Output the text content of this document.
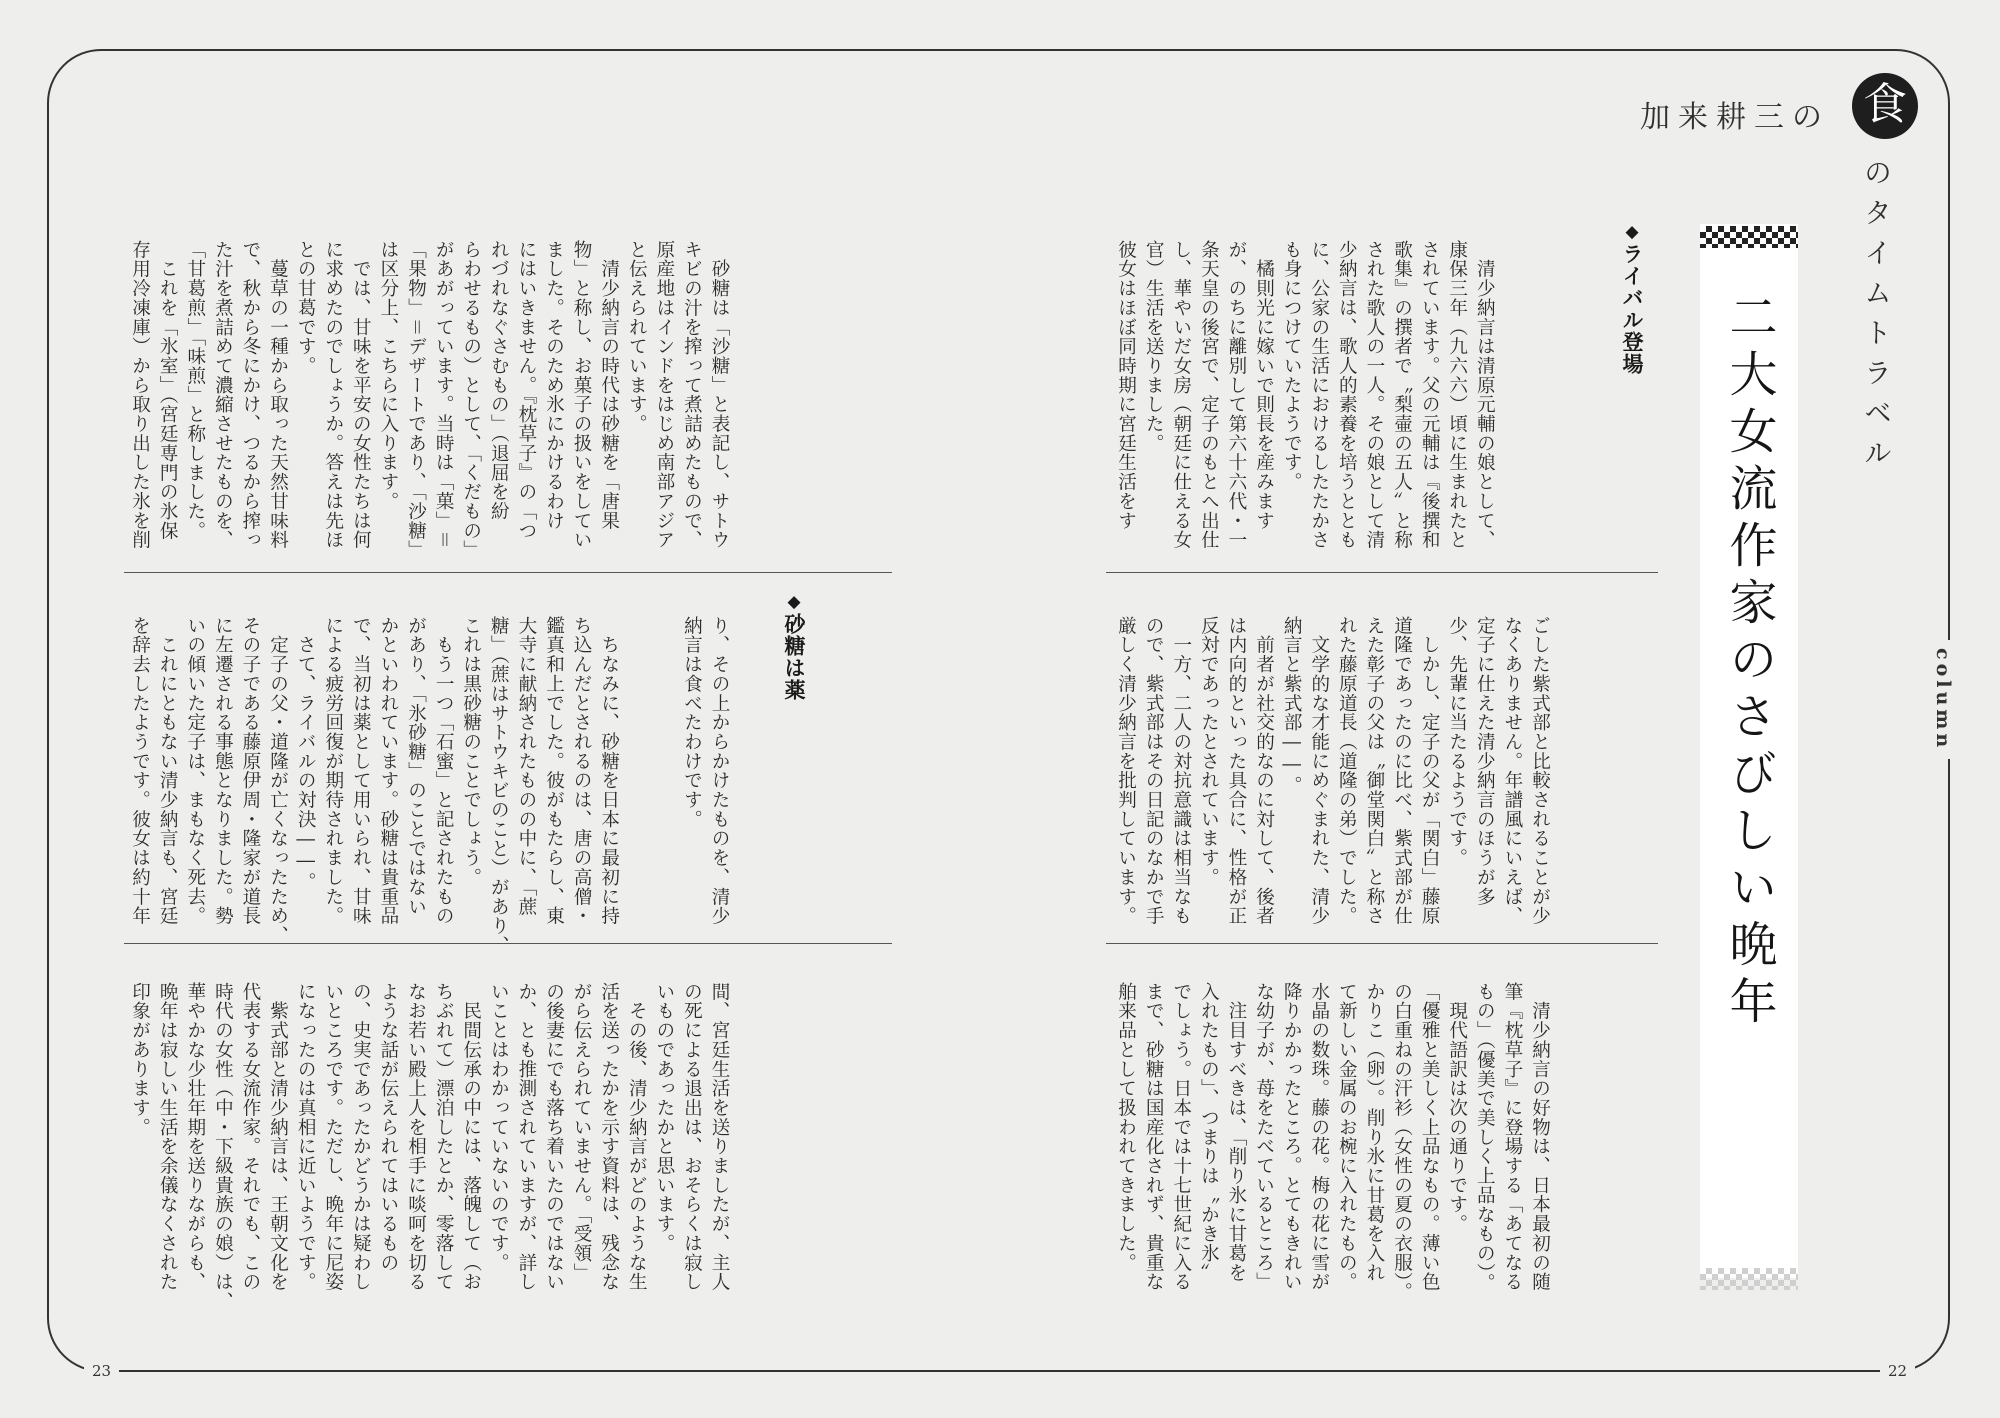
23	22
加来耕三の 食
のタイムトラベル
column
二大女流作家のさびしい晩年
◆ライバル登場
　清少納言は清原元輔の娘として、
康保三年（九六六）頃に生まれたと
されています。父の元輔は『後撰和
歌集』の撰者で〝梨壷の五人〟と称
された歌人の一人。その娘として清
少納言は、歌人的素養を培うととも
に、公家の生活におけるしたたかさ
も身につけていたようです。
　橘則光に嫁いで則長を産みます
が、のちに離別して第六十六代・一
条天皇の後宮で、定子のもとへ出仕
し、華やいだ女房（朝廷に仕える女
官）生活を送りました。
彼女はほぼ同時期に宮廷生活をす
ごした紫式部と比較されることが少
なくありません。年譜風にいえば、
定子に仕えた清少納言のほうが多
少、先輩に当たるようです。
　しかし、定子の父が「関白」藤原
道隆であったのに比べ、紫式部が仕
えた彰子の父は〝御堂関白〟と称さ
れた藤原道長（道隆の弟）でした。
　文学的な才能にめぐまれた、清少
納言と紫式部――。
　前者が社交的なのに対して、後者
は内向的といった具合に、性格が正
反対であったとされています。
　一方、二人の対抗意識は相当なも
ので、紫式部はその日記のなかで手
厳しく清少納言を批判しています。
　清少納言の好物は、日本最初の随
筆『枕草子』に登場する「あてなる
もの」（優美で美しく上品なもの）。
　現代語訳は次の通りです。
「優雅と美しく上品なもの。薄い色
の白重ねの汗衫（女性の夏の衣服）。
かりこ（卵）。削り氷に甘葛を入れ
て新しい金属のお椀に入れたもの。
水晶の数珠。藤の花。梅の花に雪が
降りかかったところ。とてもきれい
な幼子が、苺をたべているところ」
　注目すべきは、「削り氷に甘葛を
入れたもの」、つまりは〝かき氷〟
でしょう。日本では十七世紀に入る
まで、砂糖は国産化されず、貴重な
舶来品として扱われてきました。
◆砂糖は薬
　砂糖は「沙糖」と表記し、サトウ
キビの汁を搾って煮詰めたもので、
原産地はインドをはじめ南部アジア
と伝えられています。
　清少納言の時代は砂糖を「唐果
物」と称し、お菓子の扱いをしてい
ました。そのため氷にかけるわけ
にはいきません。『枕草子』の「つ
れづれなぐさむもの」（退屈を紛
らわせるもの）として、「くだもの」
があがっています。当時は「菓」＝
「果物」＝デザートであり、「沙糖」
は区分上、こちらに入ります。
　では、甘味を平安の女性たちは何
に求めたのでしょうか。答えは先ほ
との甘葛です。
　蔓草の一種から取った天然甘味料
で、秋から冬にかけ、つるから搾っ
た汁を煮詰めて濃縮させたものを、
「甘葛煎」「味煎」と称しました。
　これを「氷室」（宮廷専門の氷保
存用冷凍庫）から取り出した氷を削
り、その上からかけたものを、清少
納言は食べたわけです。

　ちなみに、砂糖を日本に最初に持
ち込んだとされるのは、唐の高僧・
鑑真和上でした。彼がもたらし、東
大寺に献納されたものの中に、「蔗
糖」（蔗はサトウキビのこと）があり、
これは黒砂糖のことでしょう。
　もう一つ「石蜜」と記されたもの
があり、「氷砂糖」のことではない
かといわれています。砂糖は貴重品
で、当初は薬として用いられ、甘味
による疲労回復が期待されました。
　さて、ライバルの対決――。
　定子の父・道隆が亡くなったため、
その子である藤原伊周・隆家が道長
に左遷される事態となりました。勢
いの傾いた定子は、まもなく死去。
　これにともない清少納言も、宮廷
を辞去したようです。彼女は約十年
間、宮廷生活を送りましたが、主人
の死による退出は、おそらくは寂し
いものであったかと思います。
　その後、清少納言がどのような生
活を送ったかを示す資料は、残念な
がら伝えられていません。「受領」
の後妻にでも落ち着いたのではない
か、とも推測されていますが、詳し
いことはわかっていないのです。
　民間伝承の中には、落魄して（お
ちぶれて）漂泊したとか、零落して
なお若い殿上人を相手に啖呵を切る
ような話が伝えられてはいるもの
の、史実であったかどうかは疑わし
いところです。ただし、晩年に尼姿
になったのは真相に近いようです。
　紫式部と清少納言は、王朝文化を
代表する女流作家。それでも、この
時代の女性（中・下級貴族の娘）は、
華やかな少壮年期を送りながらも、
晩年は寂しい生活を余儀なくされた
印象があります。
